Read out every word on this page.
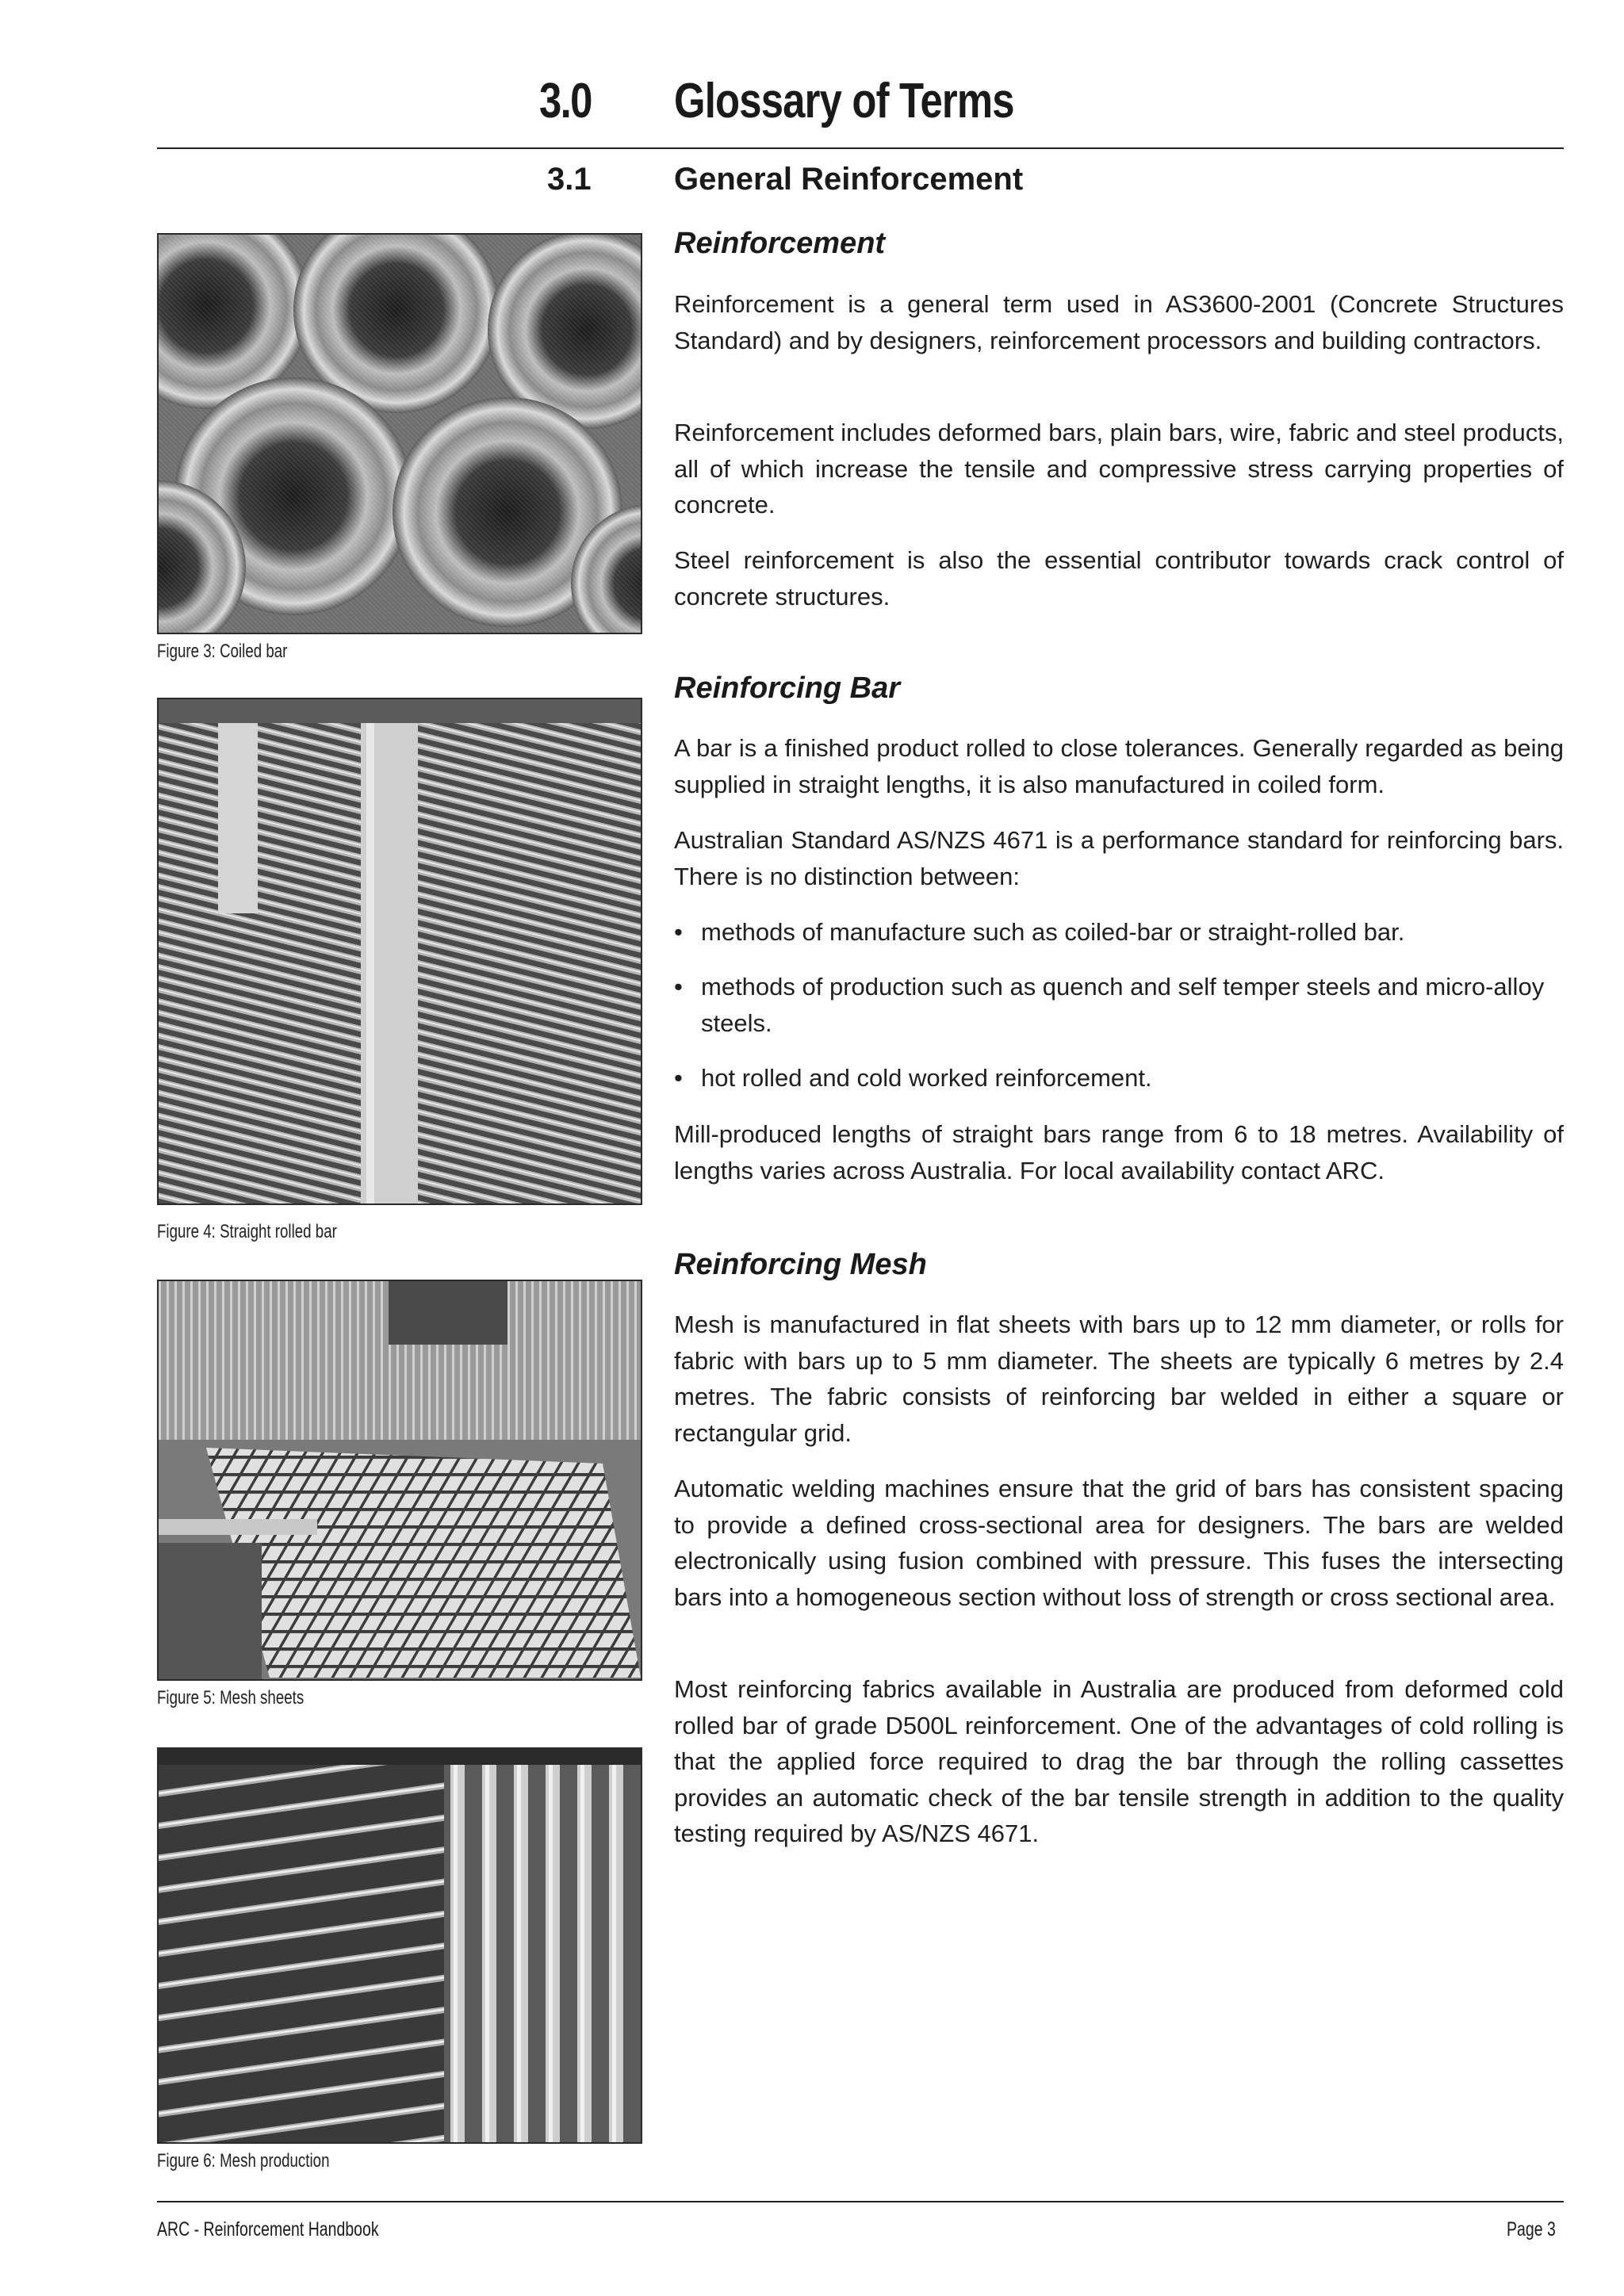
3.0	Glossary of Terms
3.1	General Reinforcement
Reinforcement
Reinforcement is a general term used in AS3600-2001 (Concrete Structures Standard) and by designers, reinforcement processors and building contractors.
Reinforcement includes deformed bars, plain bars, wire, fabric and steel products, all of which increase the tensile and compressive stress carrying properties of concrete.
Steel reinforcement is also the essential contributor towards crack control of concrete structures.
Reinforcing Bar
A bar is a finished product rolled to close tolerances. Generally regarded as being supplied in straight lengths, it is also manufactured in coiled form.
Australian Standard AS/NZS 4671 is a performance standard for reinforcing bars. There is no distinction between:
• methods of manufacture such as coiled-bar or straight-rolled bar.
• methods of production such as quench and self temper steels and micro-alloy steels.
• hot rolled and cold worked reinforcement.
Mill-produced lengths of straight bars range from 6 to 18 metres. Availability of lengths varies across Australia. For local availability contact ARC.
Reinforcing Mesh
Mesh is manufactured in flat sheets with bars up to 12 mm diameter, or rolls for fabric with bars up to 5 mm diameter. The sheets are typically 6 metres by 2.4 metres. The fabric consists of reinforcing bar welded in either a square or rectangular grid.
Automatic welding machines ensure that the grid of bars has consistent spacing to provide a defined cross-sectional area for designers. The bars are welded electronically using fusion combined with pressure. This fuses the intersecting bars into a homogeneous section without loss of strength or cross sectional area.
Most reinforcing fabrics available in Australia are produced from deformed cold rolled bar of grade D500L reinforcement. One of the advantages of cold rolling is that the applied force required to drag the bar through the rolling cassettes provides an automatic check of the bar tensile strength in addition to the quality testing required by AS/NZS 4671.
Figure 3: Coiled bar
Figure 4: Straight rolled bar
Figure 5: Mesh sheets
Figure 6: Mesh production
ARC - Reinforcement Handbook	Page 3
